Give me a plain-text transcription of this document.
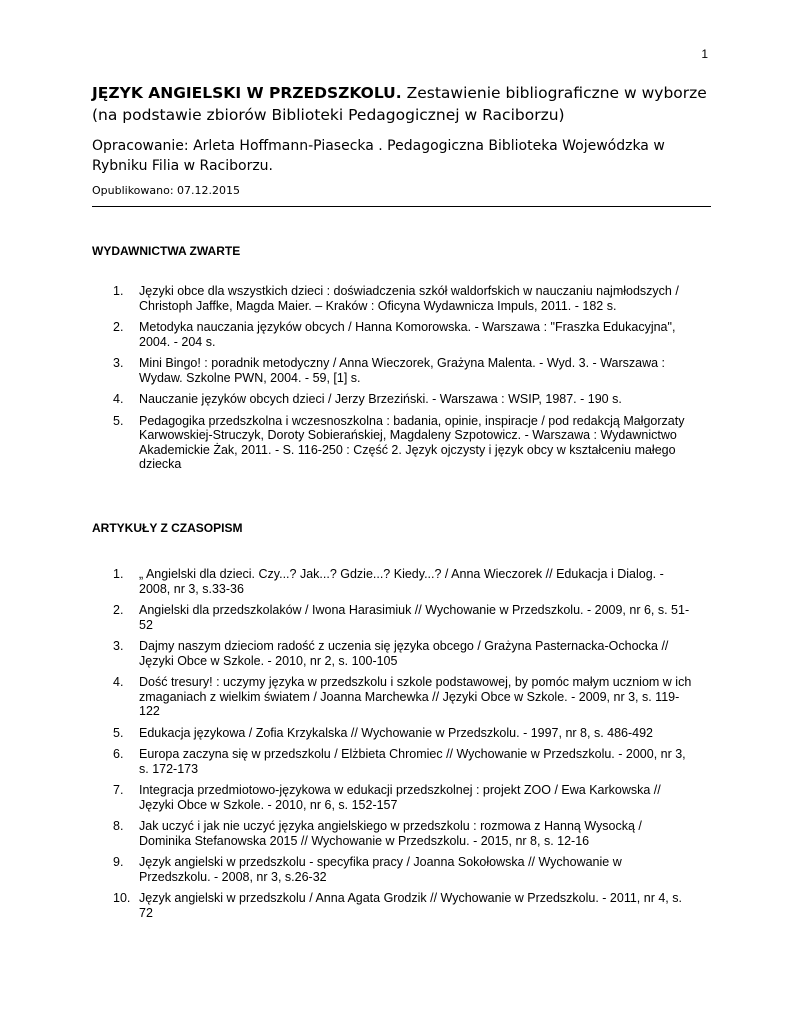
1

JĘZYK ANGIELSKI W PRZEDSZKOLU. Zestawienie bibliograficzne w wyborze (na podstawie zbiorów Biblioteki Pedagogicznej w Raciborzu)

Opracowanie: Arleta Hoffmann-Piasecka . Pedagogiczna Biblioteka Wojewódzka w Rybniku Filia w Raciborzu.

Opublikowano: 07.12.2015

WYDAWNICTWA ZWARTE
1. Języki obce dla wszystkich dzieci : doświadczenia szkół waldorfskich w nauczaniu najmłodszych / Christoph Jaffke, Magda Maier. – Kraków : Oficyna Wydawnicza Impuls, 2011. - 182 s.
2. Metodyka nauczania języków obcych / Hanna Komorowska. - Warszawa : "Fraszka Edukacyjna", 2004. - 204 s.
3. Mini Bingo! : poradnik metodyczny / Anna Wieczorek, Grażyna Malenta. - Wyd. 3. - Warszawa : Wydaw. Szkolne PWN, 2004. - 59, [1] s.
4. Nauczanie języków obcych dzieci / Jerzy Brzeziński. - Warszawa : WSIP, 1987. - 190 s.
5. Pedagogika przedszkolna i wczesnoszkolna : badania, opinie, inspiracje / pod redakcją Małgorzaty Karwowskiej-Struczyk, Doroty Sobierańskiej, Magdaleny Szpotowicz. - Warszawa : Wydawnictwo Akademickie Żak, 2011. - S. 116-250 : Część 2. Język ojczysty i język obcy w kształceniu małego dziecka
ARTYKUŁY Z CZASOPISM
1. „ Angielski dla dzieci. Czy...? Jak...? Gdzie...? Kiedy...? / Anna Wieczorek // Edukacja i Dialog. - 2008, nr 3, s.33-36
2. Angielski dla przedszkolaków / Iwona Harasimiuk // Wychowanie w Przedszkolu. - 2009, nr 6, s. 51-52
3. Dajmy naszym dzieciom radość z uczenia się języka obcego / Grażyna Pasternacka-Ochocka // Języki Obce w Szkole. - 2010, nr 2, s. 100-105
4. Dość tresury! : uczymy języka w przedszkolu i szkole podstawowej, by pomóc małym uczniom w ich zmaganiach z wielkim światem / Joanna Marchewka // Języki Obce w Szkole. - 2009, nr 3, s. 119-122
5. Edukacja językowa / Zofia Krzykalska // Wychowanie w Przedszkolu. - 1997, nr 8, s. 486-492
6. Europa zaczyna się w przedszkolu / Elżbieta Chromiec // Wychowanie w Przedszkolu. - 2000, nr 3, s. 172-173
7. Integracja przedmiotowo-językowa w edukacji przedszkolnej : projekt ZOO / Ewa Karkowska // Języki Obce w Szkole. - 2010, nr 6, s. 152-157
8. Jak uczyć i jak nie uczyć języka angielskiego w przedszkolu : rozmowa z Hanną Wysocką / Dominika Stefanowska 2015 // Wychowanie w Przedszkolu. - 2015, nr 8, s. 12-16
9. Język angielski w przedszkolu - specyfika pracy / Joanna Sokołowska // Wychowanie w Przedszkolu. - 2008, nr 3, s.26-32
10. Język angielski w przedszkolu / Anna Agata Grodzik // Wychowanie w Przedszkolu. - 2011, nr 4, s. 72
